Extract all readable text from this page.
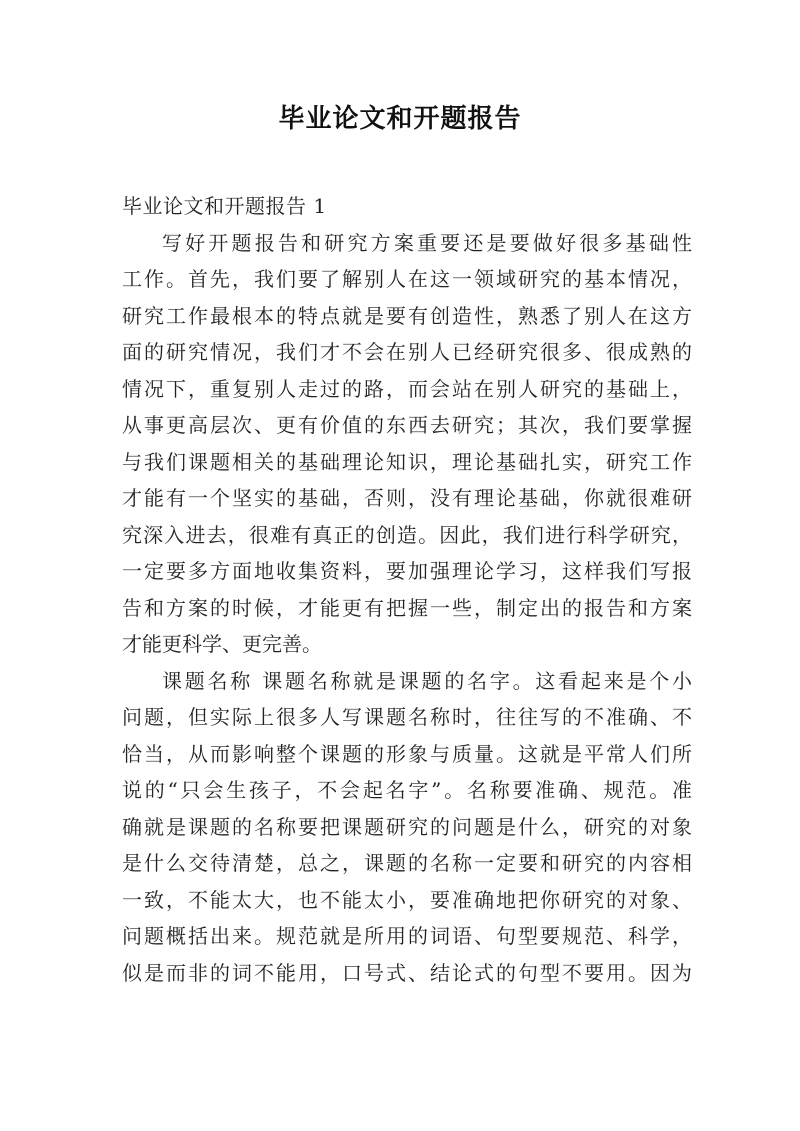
毕业论文和开题报告
毕业论文和开题报告 1
写好开题报告和研究方案重要还是要做好很多基础性
工作。首先，我们要了解别人在这一领域研究的基本情况，
研究工作最根本的特点就是要有创造性，熟悉了别人在这方
面的研究情况，我们才不会在别人已经研究很多、很成熟的
情况下，重复别人走过的路，而会站在别人研究的基础上，
从事更高层次、更有价值的东西去研究；其次，我们要掌握
与我们课题相关的基础理论知识，理论基础扎实，研究工作
才能有一个坚实的基础，否则，没有理论基础，你就很难研
究深入进去，很难有真正的创造。因此，我们进行科学研究，
一定要多方面地收集资料，要加强理论学习，这样我们写报
告和方案的时候，才能更有把握一些，制定出的报告和方案
才能更科学、更完善。
课题名称 课题名称就是课题的名字。这看起来是个小
问题，但实际上很多人写课题名称时，往往写的不准确、不
恰当，从而影响整个课题的形象与质量。这就是平常人们所
说的“只会生孩子，不会起名字”。名称要准确、规范。准
确就是课题的名称要把课题研究的问题是什么，研究的对象
是什么交待清楚，总之，课题的名称一定要和研究的内容相
一致，不能太大，也不能太小，要准确地把你研究的对象、
问题概括出来。规范就是所用的词语、句型要规范、科学，
似是而非的词不能用，口号式、结论式的句型不要用。因为
